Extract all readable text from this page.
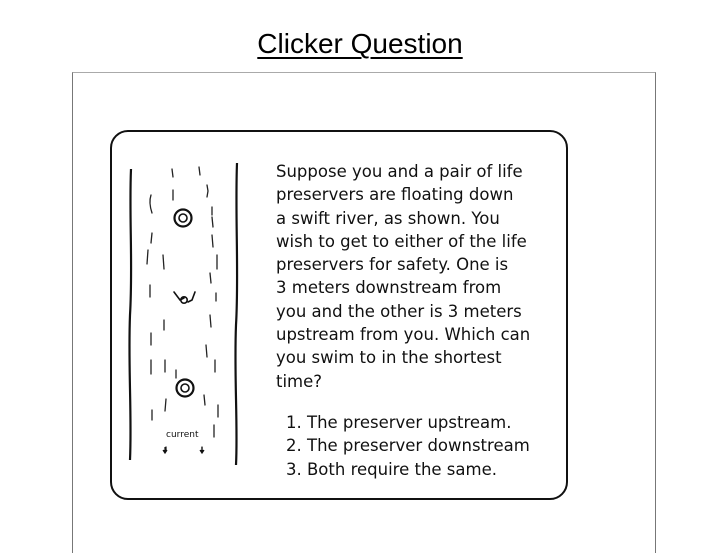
Clicker Question
current
Suppose you and a pair of life
preservers are floating down
a swift river, as shown. You
wish to get to either of the life
preservers for safety. One is
3 meters downstream from
you and the other is 3 meters
upstream from you. Which can
you swim to in the shortest
time?
1. The preserver upstream.
2. The preserver downstream
3. Both require the same.
